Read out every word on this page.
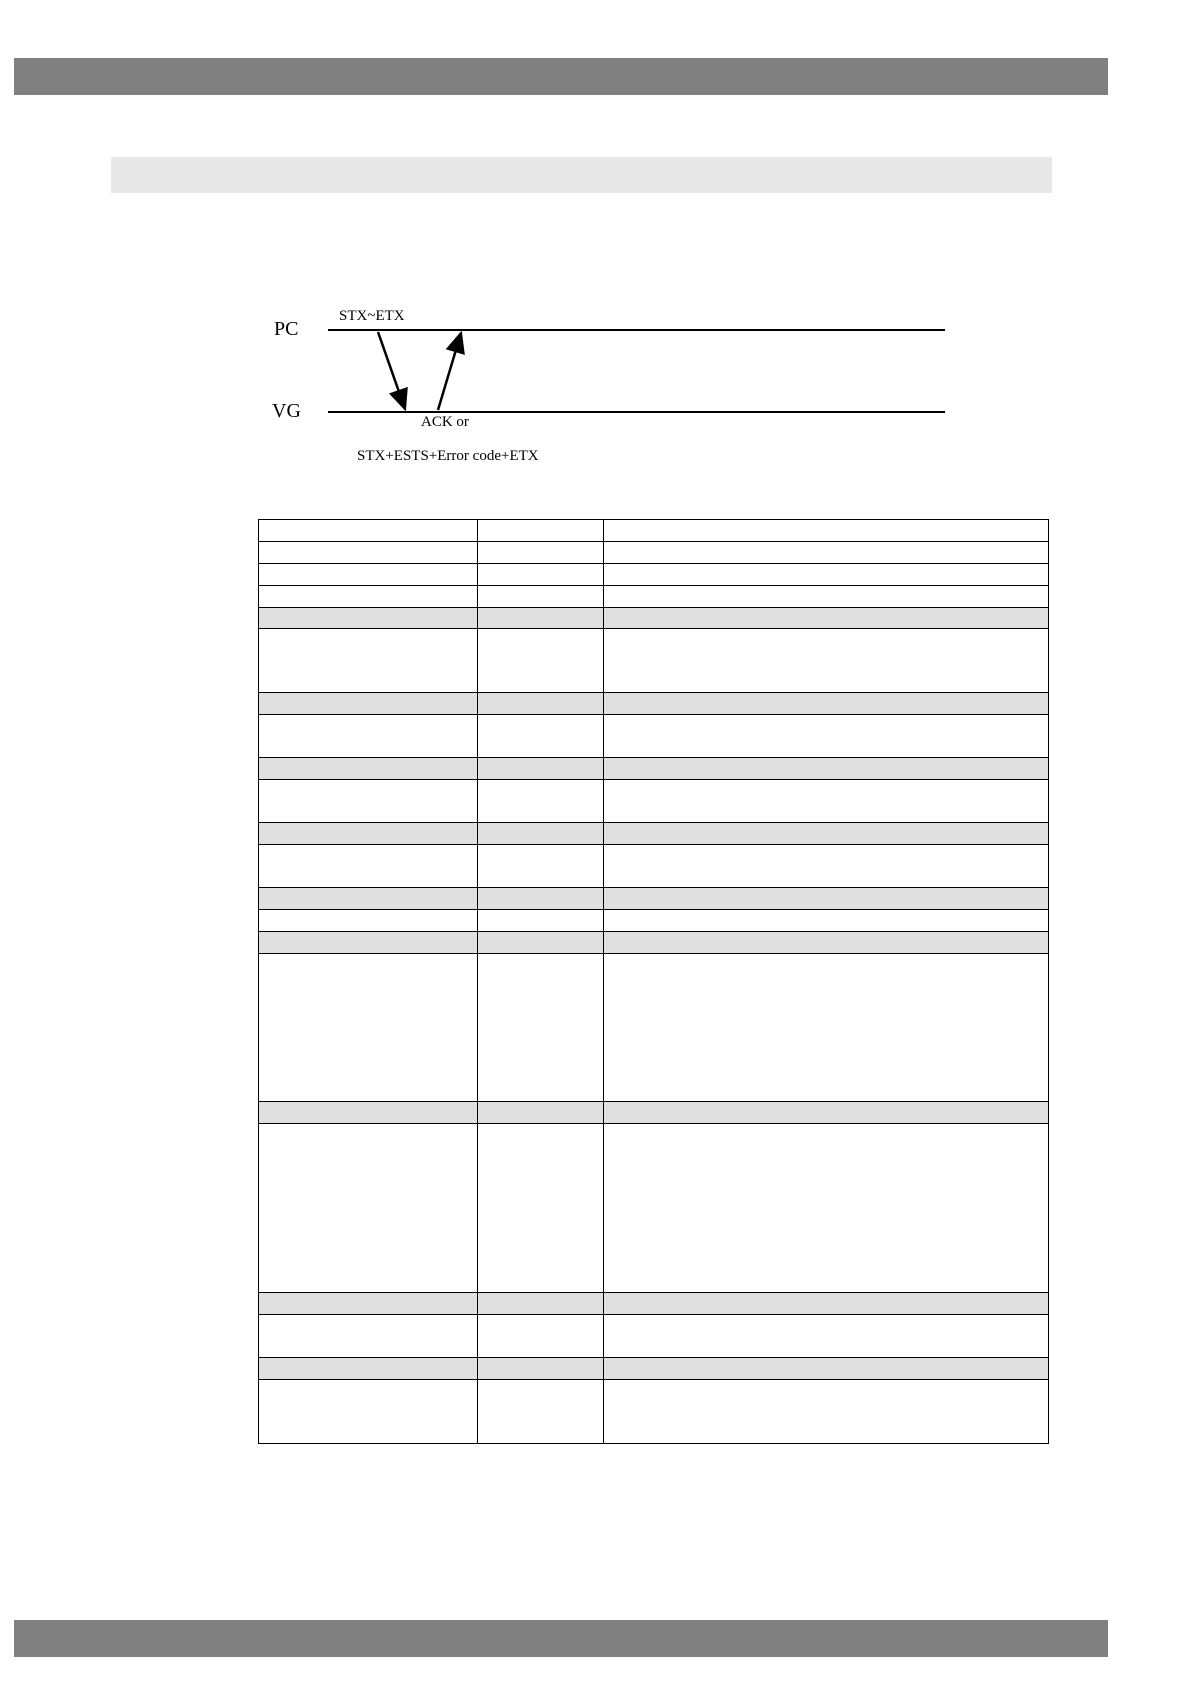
PC
VG
STX~ETX
ACK or
STX+ESTS+Error code+ETX
